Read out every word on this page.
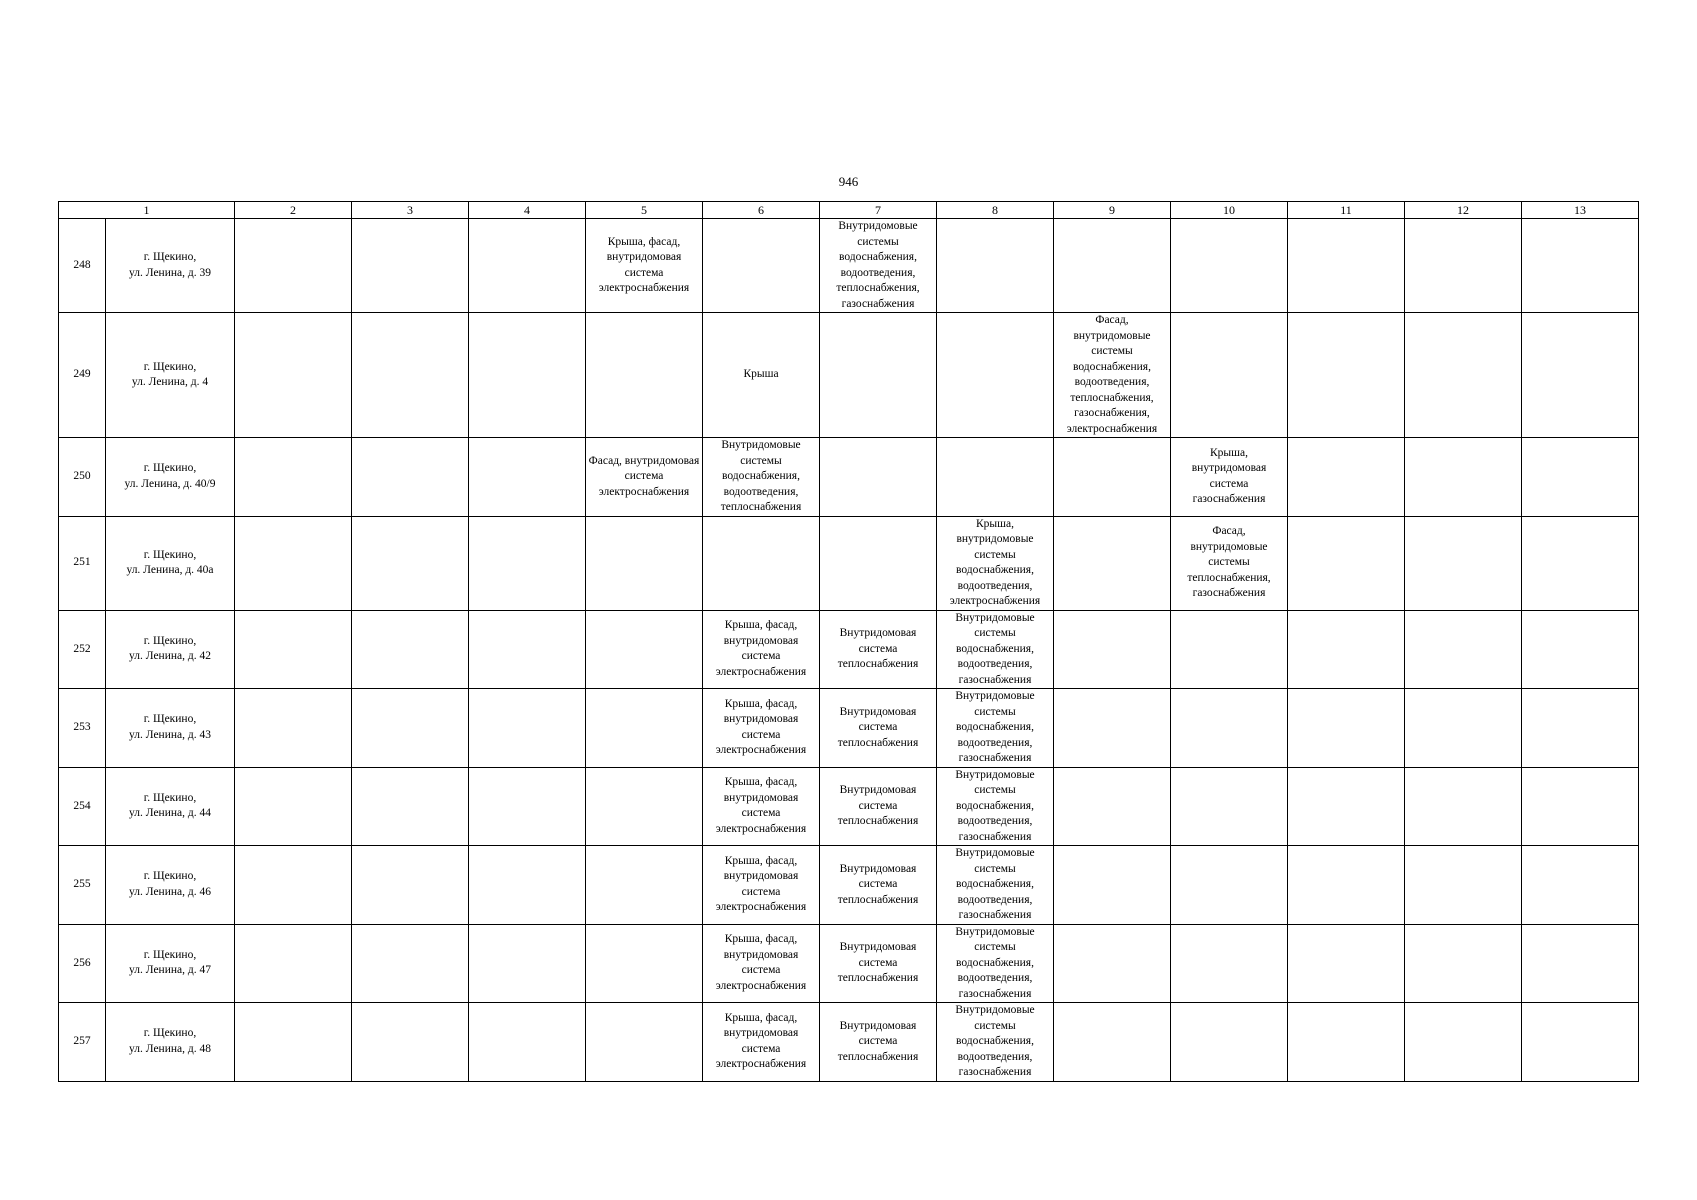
946
1		2	3	4	5	6	7	8	9	10	11	12	13
248	г. Щекино,
ул. Ленина, д. 39				Крыша, фасад, внутридомовая система электроснабжения		Внутридомовые системы водоснабжения, водоотведения, теплоснабжения, газоснабжения						
249	г. Щекино,
ул. Ленина, д. 4					Крыша			Фасад, внутридомовые системы водоснабжения, водоотведения, теплоснабжения, газоснабжения, электроснабжения				
250	г. Щекино,
ул. Ленина, д. 40/9				Фасад, внутридомовая система электроснабжения	Внутридомовые системы водоснабжения, водоотведения, теплоснабжения				Крыша, внутридомовая система газоснабжения			
251	г. Щекино,
ул. Ленина, д. 40а							Крыша, внутридомовые системы водоснабжения, водоотведения, электроснабжения		Фасад, внутридомовые системы теплоснабжения, газоснабжения			
252	г. Щекино,
ул. Ленина, д. 42					Крыша, фасад, внутридомовая система электроснабжения	Внутридомовая система теплоснабжения	Внутридомовые системы водоснабжения, водоотведения, газоснабжения					
253	г. Щекино,
ул. Ленина, д. 43					Крыша, фасад, внутридомовая система электроснабжения	Внутридомовая система теплоснабжения	Внутридомовые системы водоснабжения, водоотведения, газоснабжения					
254	г. Щекино,
ул. Ленина, д. 44					Крыша, фасад, внутридомовая система электроснабжения	Внутридомовая система теплоснабжения	Внутридомовые системы водоснабжения, водоотведения, газоснабжения					
255	г. Щекино,
ул. Ленина, д. 46					Крыша, фасад, внутридомовая система электроснабжения	Внутридомовая система теплоснабжения	Внутридомовые системы водоснабжения, водоотведения, газоснабжения					
256	г. Щекино,
ул. Ленина, д. 47					Крыша, фасад, внутридомовая система электроснабжения	Внутридомовая система теплоснабжения	Внутридомовые системы водоснабжения, водоотведения, газоснабжения					
257	г. Щекино,
ул. Ленина, д. 48					Крыша, фасад, внутридомовая система электроснабжения	Внутридомовая система теплоснабжения	Внутридомовые системы водоснабжения, водоотведения, газоснабжения					
